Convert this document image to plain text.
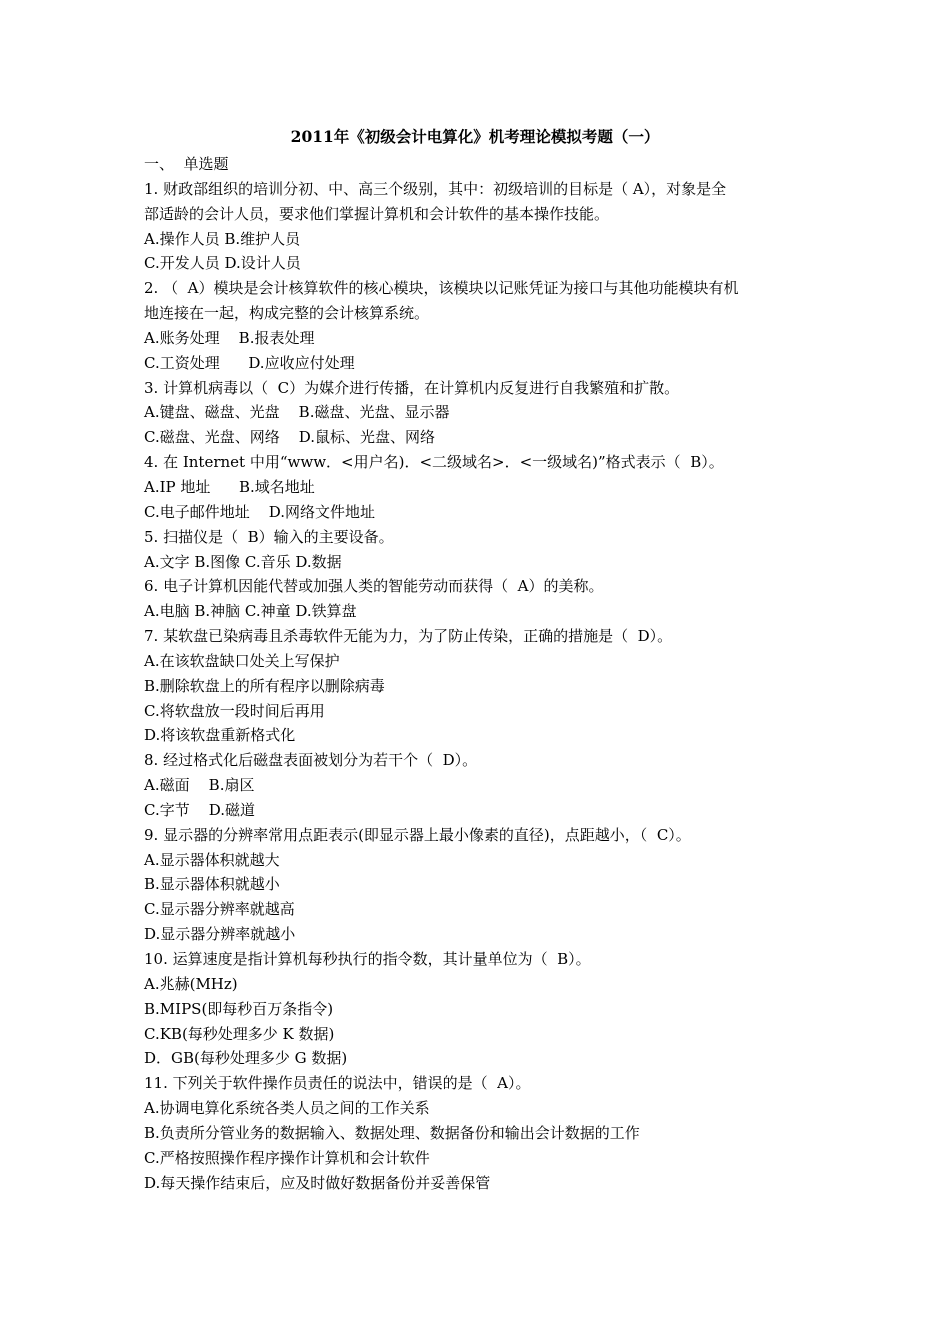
2011年《初级会计电算化》机考理论模拟考题（一）
一、  单选题
1. 财政部组织的培训分初、中、高三个级别，其中：初级培训的目标是（ A），对象是全
部适龄的会计人员，要求他们掌握计算机和会计软件的基本操作技能。
A.操作人员 B.维护人员
C.开发人员 D.设计人员
2. （  A）模块是会计核算软件的核心模块，该模块以记账凭证为接口与其他功能模块有机
地连接在一起，构成完整的会计核算系统。
A.账务处理    B.报表处理
C.工资处理      D.应收应付处理
3. 计算机病毒以（  C）为媒介进行传播，在计算机内反复进行自我繁殖和扩散。
A.键盘、磁盘、光盘    B.磁盘、光盘、显示器
C.磁盘、光盘、网络    D.鼠标、光盘、网络
4. 在 Internet 中用“www．<用户名)．<二级域名>．<一级域名)”格式表示（  B）。
A.IP 地址      B.域名地址
C.电子邮件地址    D.网络文件地址
5. 扫描仪是（  B）输入的主要设备。
A.文字 B.图像 C.音乐 D.数据
6. 电子计算机因能代替或加强人类的智能劳动而获得（  A）的美称。
A.电脑 B.神脑 C.神童 D.铁算盘
7. 某软盘已染病毒且杀毒软件无能为力，为了防止传染，正确的措施是（  D）。
A.在该软盘缺口处关上写保护
B.删除软盘上的所有程序以删除病毒
C.将软盘放一段时间后再用
D.将该软盘重新格式化
8. 经过格式化后磁盘表面被划分为若干个（  D）。
A.磁面    B.扇区
C.字节    D.磁道
9. 显示器的分辨率常用点距表示(即显示器上最小像素的直径)，点距越小，（  C）。
A.显示器体积就越大
B.显示器体积就越小
C.显示器分辨率就越高
D.显示器分辨率就越小
10. 运算速度是指计算机每秒执行的指令数，其计量单位为（  B）。
A.兆赫(MHz)
B.MIPS(即每秒百万条指令)
C.KB(每秒处理多少 K 数据)
D．GB(每秒处理多少 G 数据)
11. 下列关于软件操作员责任的说法中，错误的是（  A）。
A.协调电算化系统各类人员之间的工作关系
B.负责所分管业务的数据输入、数据处理、数据备份和输出会计数据的工作
C.严格按照操作程序操作计算机和会计软件
D.每天操作结束后，应及时做好数据备份并妥善保管
